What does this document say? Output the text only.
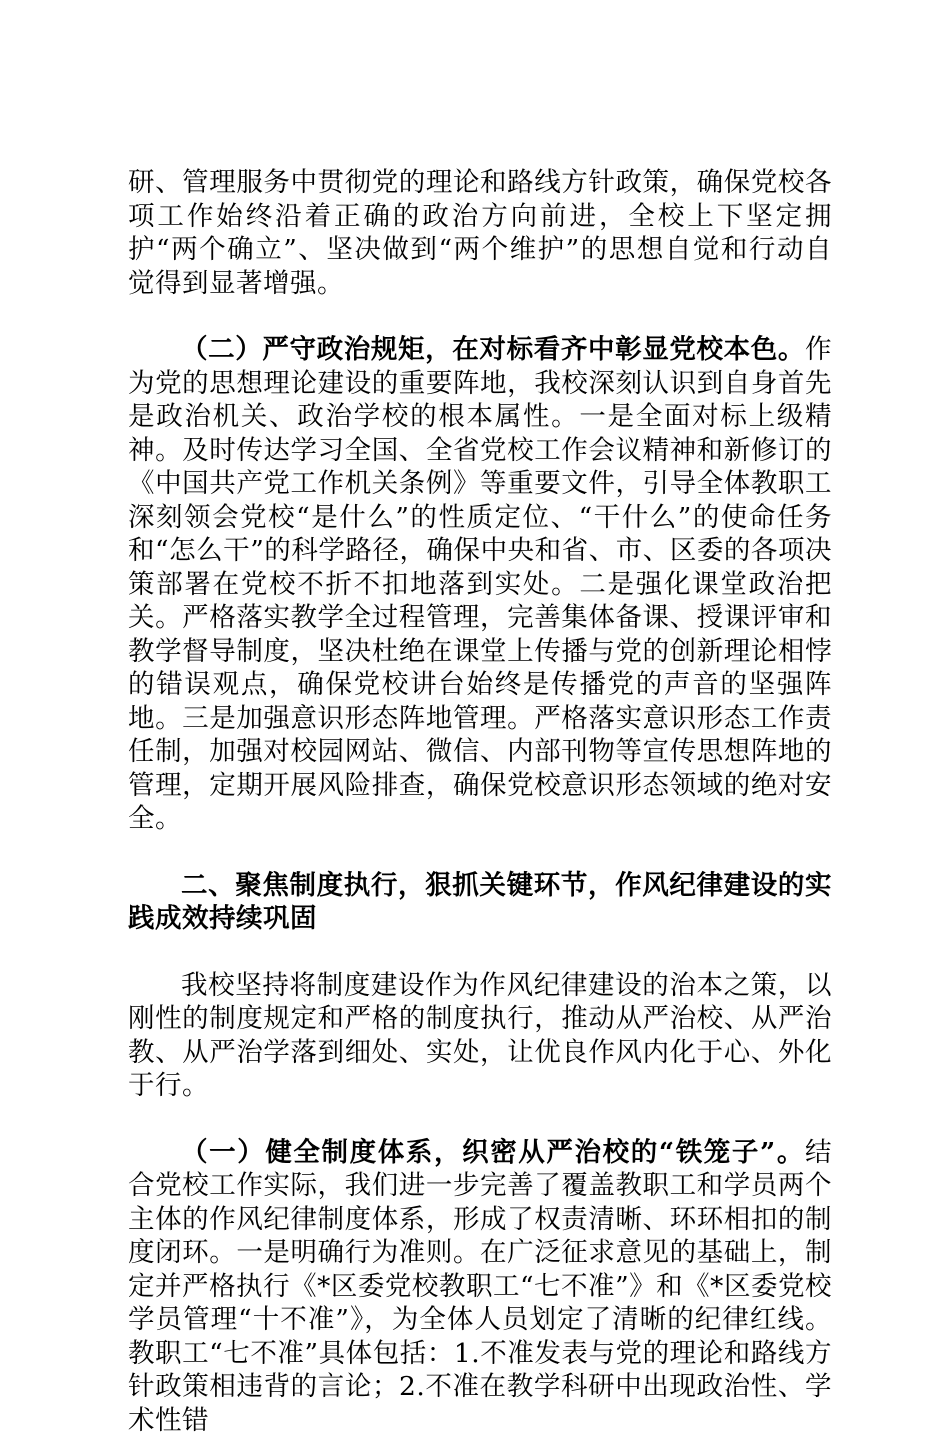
研、管理服务中贯彻党的理论和路线方针政策，确保党校各项工作始终沿着正确的政治方向前进，全校上下坚定拥护“两个确立”、坚决做到“两个维护”的思想自觉和行动自觉得到显著增强。

（二）严守政治规矩，在对标看齐中彰显党校本色。作为党的思想理论建设的重要阵地，我校深刻认识到自身首先是政治机关、政治学校的根本属性。一是全面对标上级精神。及时传达学习全国、全省党校工作会议精神和新修订的《中国共产党工作机关条例》等重要文件，引导全体教职工深刻领会党校“是什么”的性质定位、“干什么”的使命任务和“怎么干”的科学路径，确保中央和省、市、区委的各项决策部署在党校不折不扣地落到实处。二是强化课堂政治把关。严格落实教学全过程管理，完善集体备课、授课评审和教学督导制度，坚决杜绝在课堂上传播与党的创新理论相悖的错误观点，确保党校讲台始终是传播党的声音的坚强阵地。三是加强意识形态阵地管理。严格落实意识形态工作责任制，加强对校园网站、微信、内部刊物等宣传思想阵地的管理，定期开展风险排查，确保党校意识形态领域的绝对安全。

二、聚焦制度执行，狠抓关键环节，作风纪律建设的实践成效持续巩固

我校坚持将制度建设作为作风纪律建设的治本之策，以刚性的制度规定和严格的制度执行，推动从严治校、从严治教、从严治学落到细处、实处，让优良作风内化于心、外化于行。

（一）健全制度体系，织密从严治校的“铁笼子”。结合党校工作实际，我们进一步完善了覆盖教职工和学员两个主体的作风纪律制度体系，形成了权责清晰、环环相扣的制度闭环。一是明确行为准则。在广泛征求意见的基础上，制定并严格执行《*区委党校教职工“七不准”》和《*区委党校学员管理“十不准”》，为全体人员划定了清晰的纪律红线。教职工“七不准”具体包括：1.不准发表与党的理论和路线方针政策相违背的言论；2.不准在教学科研中出现政治性、学术性错
